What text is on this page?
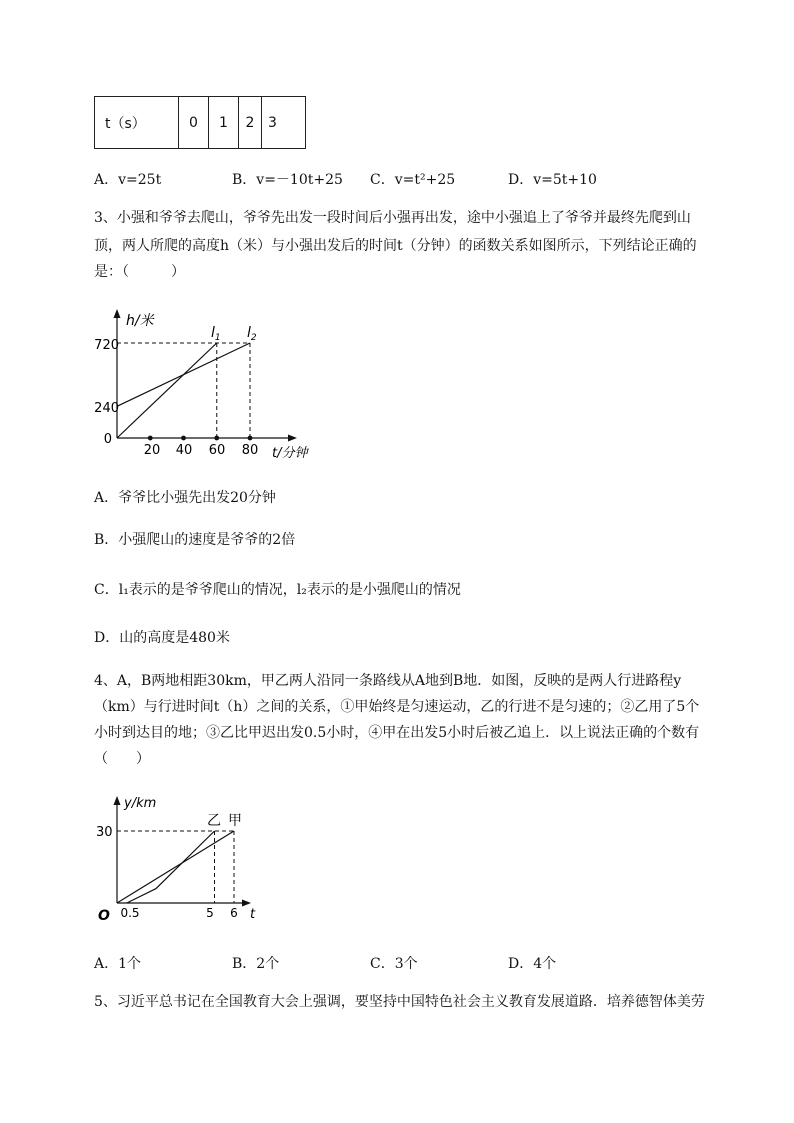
t（s）	0	1	2	3
A．v=25t	B．v=－10t+25 C．v=t²+25	D．v=5t+10
3、小强和爷爷去爬山，爷爷先出发一段时间后小强再出发，途中小强追上了爷爷并最终先爬到山
顶，两人所爬的高度h（米）与小强出发后的时间t（分钟）的函数关系如图所示，下列结论正确的
是：（　　　）
h/米
t/分钟
0
240
720
20 40 60 80
$l_1$ $l_2$
A．爷爷比小强先出发20分钟
B．小强爬山的速度是爷爷的2倍
C．l₁表示的是爷爷爬山的情况，l₂表示的是小强爬山的情况
D．山的高度是480米
4、A，B两地相距30km，甲乙两人沿同一条路线从A地到B地．如图，反映的是两人行进路程y
（km）与行进时间t（h）之间的关系，①甲始终是匀速运动，乙的行进不是匀速的；②乙用了5个
小时到达目的地；③乙比甲迟出发0.5小时，④甲在出发5小时后被乙追上．以上说法正确的个数有
（　　）
y/km
t
O
30
0.5	5 6
乙 甲
A．1个	B．2个	C．3个	D．4个
5、习近平总书记在全国教育大会上强调，要坚持中国特色社会主义教育发展道路．培养德智体美劳
